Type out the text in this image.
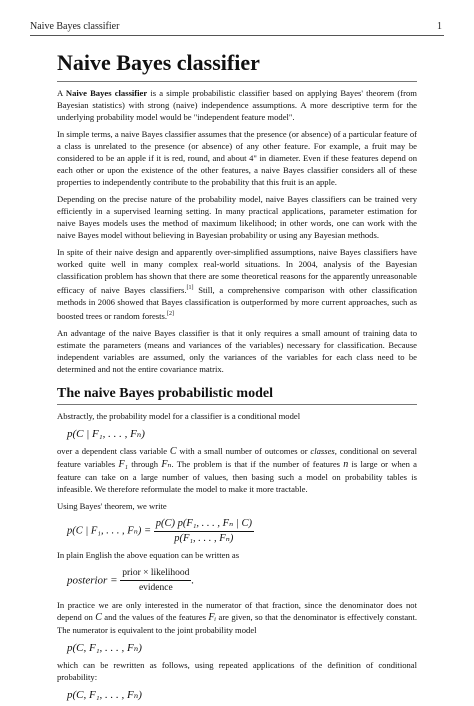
Naive Bayes classifier	1
Naive Bayes classifier

A Naive Bayes classifier is a simple probabilistic classifier based on applying Bayes' theorem (from Bayesian statistics) with strong (naive) independence assumptions. A more descriptive term for the underlying probability model would be "independent feature model".

In simple terms, a naive Bayes classifier assumes that the presence (or absence) of a particular feature of a class is unrelated to the presence (or absence) of any other feature. For example, a fruit may be considered to be an apple if it is red, round, and about 4" in diameter. Even if these features depend on each other or upon the existence of the other features, a naive Bayes classifier considers all of these properties to independently contribute to the probability that this fruit is an apple.

Depending on the precise nature of the probability model, naive Bayes classifiers can be trained very efficiently in a supervised learning setting. In many practical applications, parameter estimation for naive Bayes models uses the method of maximum likelihood; in other words, one can work with the naive Bayes model without believing in Bayesian probability or using any Bayesian methods.

In spite of their naive design and apparently over-simplified assumptions, naive Bayes classifiers have worked quite well in many complex real-world situations. In 2004, analysis of the Bayesian classification problem has shown that there are some theoretical reasons for the apparently unreasonable efficacy of naive Bayes classifiers.[1] Still, a comprehensive comparison with other classification methods in 2006 showed that Bayes classification is outperformed by more current approaches, such as boosted trees or random forests.[2]

An advantage of the naive Bayes classifier is that it only requires a small amount of training data to estimate the parameters (means and variances of the variables) necessary for classification. Because independent variables are assumed, only the variances of the variables for each class need to be determined and not the entire covariance matrix.

The naive Bayes probabilistic model

Abstractly, the probability model for a classifier is a conditional model

p(C | F₁, . . . , Fₙ)

over a dependent class variable C with a small number of outcomes or classes, conditional on several feature variables F₁ through Fₙ. The problem is that if the number of features n is large or when a feature can take on a large number of values, then basing such a model on probability tables is infeasible. We therefore reformulate the model to make it more tractable.

Using Bayes' theorem, we write

p(C | F₁, . . . , $F_n) = \frac{\text{p(C) p(F₁, . . . , Fₙ | C)}}{\text{p(F₁, . . . , Fₙ)}}$

In plain English the above equation can be written as

posterior = $\frac{\text{prior × likelihood}}{\text{evidence}}$ .

In practice we are only interested in the numerator of that fraction, since the denominator does not depend on C and the values of the features Fᵢ are given, so that the denominator is effectively constant. The numerator is equivalent to the joint probability model

p(C, F₁, . . . , Fₙ)

which can be rewritten as follows, using repeated applications of the definition of conditional probability:

p(C, F₁, . . . , Fₙ)
